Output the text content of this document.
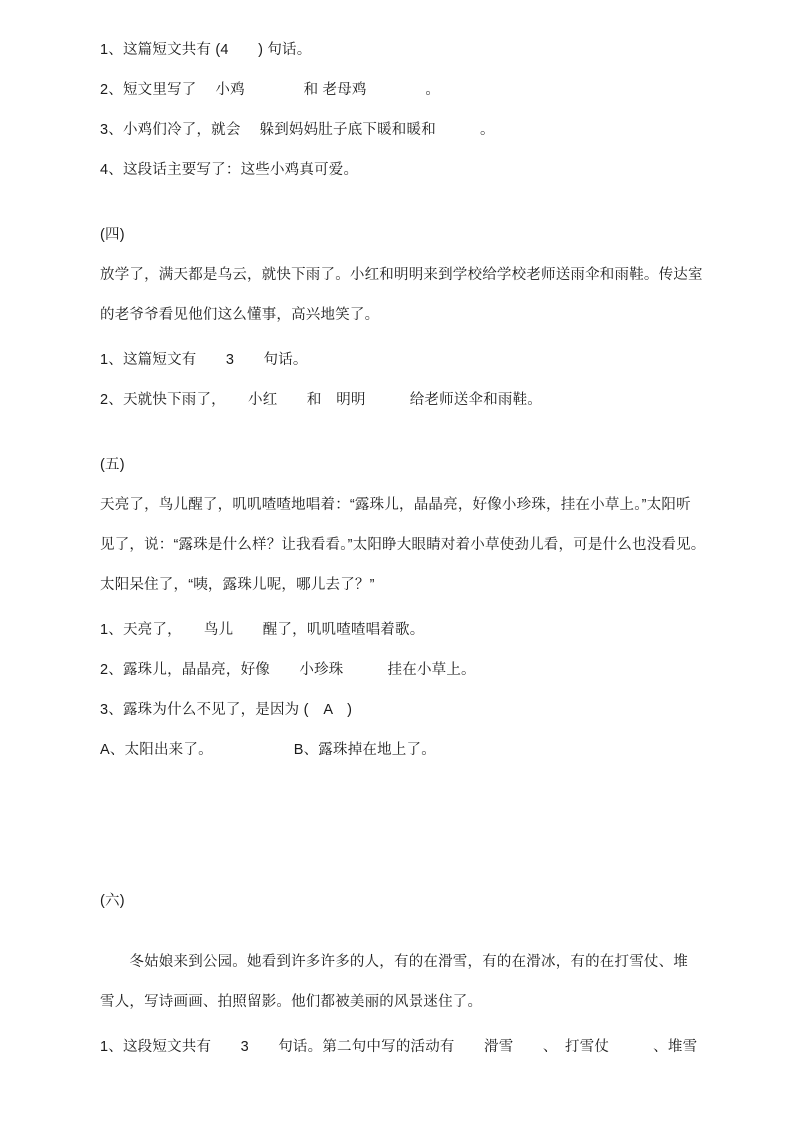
1、这篇短文共有 (4　　) 句话。
2、短文里写了　 小鸡　　　　和 老母鸡　　　　。
3、小鸡们冷了，就会　 躲到妈妈肚子底下暖和暖和　　　。
4、这段话主要写了：这些小鸡真可爱。
(四)
放学了，满天都是乌云，就快下雨了。小红和明明来到学校给学校老师送雨伞和雨鞋。传达室
的老爷爷看见他们这么懂事，高兴地笑了。
1、这篇短文有　　3　　句话。
2、天就快下雨了，　　小红　　和　明明　　　给老师送伞和雨鞋。
(五)
天亮了，鸟儿醒了，叽叽喳喳地唱着：“露珠儿，晶晶亮，好像小珍珠，挂在小草上。”太阳听
见了，说：“露珠是什么样？让我看看。”太阳睁大眼睛对着小草使劲儿看，可是什么也没看见。
太阳呆住了，“咦，露珠儿呢，哪儿去了？”
1、天亮了，　　鸟儿　　醒了，叽叽喳喳唱着歌。
2、露珠儿，晶晶亮，好像　　小珍珠　　　挂在小草上。
3、露珠为什么不见了，是因为 (　A　)
A、太阳出来了。　　　　　　B、露珠掉在地上了。
(六)
　　冬姑娘来到公园。她看到许多许多的人，有的在滑雪，有的在滑冰，有的在打雪仗、堆
雪人，写诗画画、拍照留影。他们都被美丽的风景迷住了。
1、这段短文共有　　3　　句话。第二句中写的活动有　　滑雪　　、　打雪仗　　　、堆雪
